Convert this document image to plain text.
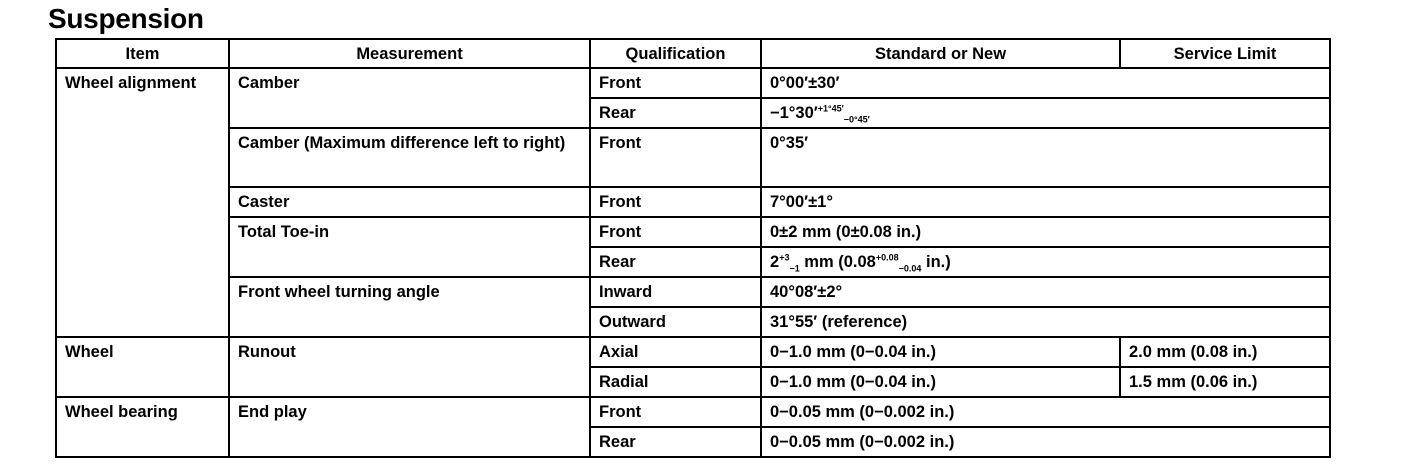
Suspension
Item	Measurement	Qualification	Standard or New	Service Limit
Wheel alignment	Camber	Front	0°00′±30′	
		Rear	$-1^\circ 30'^{+1^\circ 45'}_{-0^\circ 45'}$
	Camber (Maximum difference left to right)	Front	0°35′	
	Caster	Front	7°00′±1°	
	Total Toe-in	Front	0±2 mm (0±0.08 in.)	
		Rear	$2^{+3}_{-1}$ mm ($0.08^{+0.08}_{-0.04}$ in.)	
	Front wheel turning angle	Inward	40°08′±2°	
		Outward	31°55′ (reference)	
Wheel	Runout	Axial	0−1.0 mm (0−0.04 in.)	2.0 mm (0.08 in.)
		Radial	0−1.0 mm (0−0.04 in.)	1.5 mm (0.06 in.)
Wheel bearing	End play	Front	0−0.05 mm (0−0.002 in.)	
		Rear	0−0.05 mm (0−0.002 in.)	
